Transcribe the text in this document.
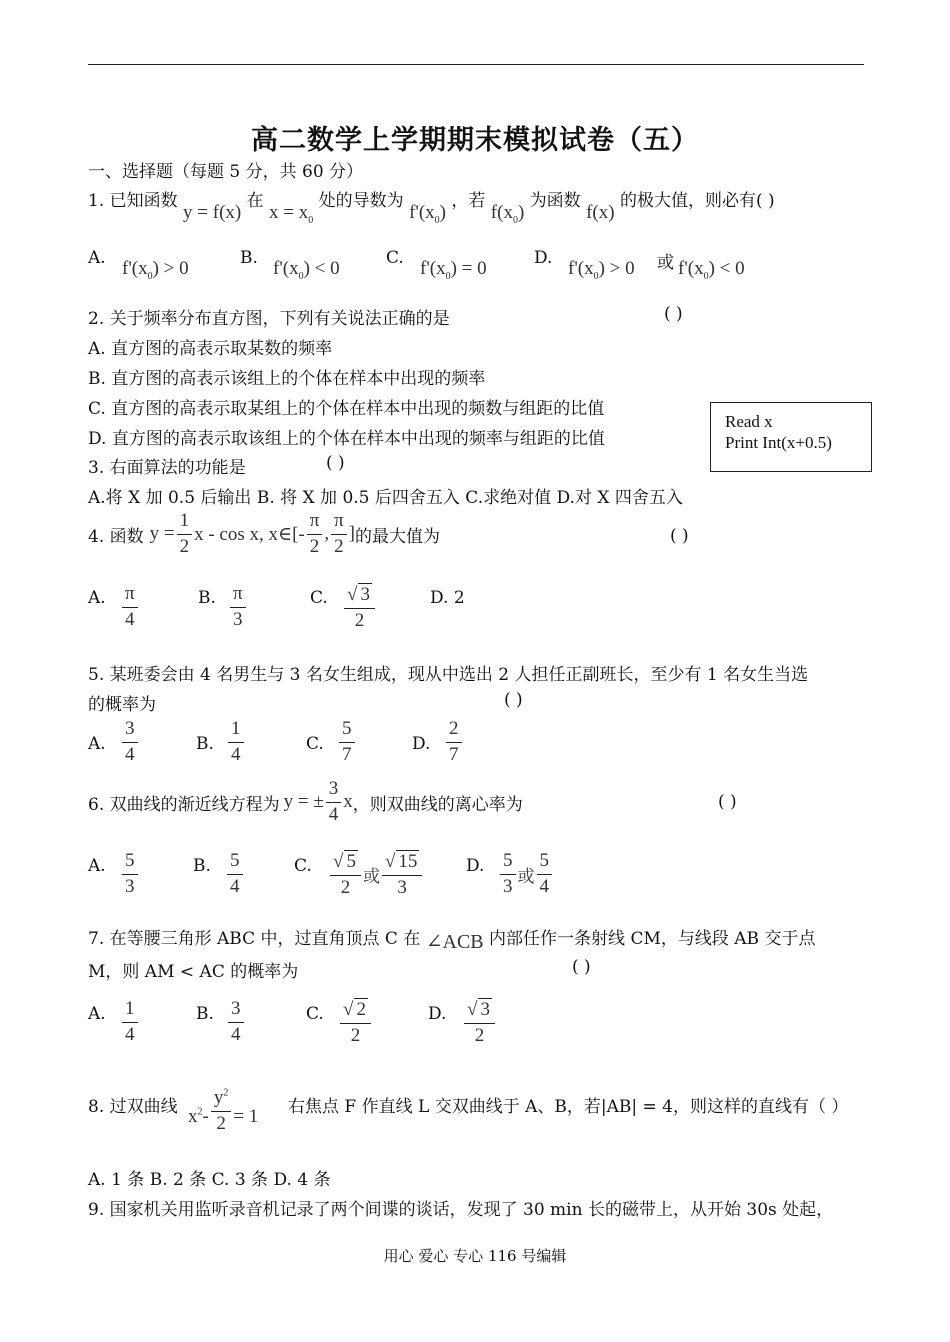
高二数学上学期期末模拟试卷（五）
一、选择题（每题 5 分，共 60 分）
1. 已知函数 y = f(x) 在 $x = x_0$ 处的导数为 $f'(x_0)$ ，若 $f(x_0)$ 为函数 f(x) 的极大值，则必有( )
A. $f'(x_0) > 0$	B. $f'(x_0) < 0$	C. $f'(x_0) = 0$	D. $f'(x_0) > 0$ 或 $f'(x_0) < 0$
2. 关于频率分布直方图，下列有关说法正确的是	( )
A. 直方图的高表示取某数的频率
B. 直方图的高表示该组上的个体在样本中出现的频率
C. 直方图的高表示取某组上的个体在样本中出现的频数与组距的比值
D. 直方图的高表示取该组上的个体在样本中出现的频率与组距的比值
Read x
Print Int(x+0.5)
3. 右面算法的功能是	( )
A.将 X 加 0.5 后输出 B. 将 X 加 0.5 后四舍五入 C.求绝对值 D.对 X 四舍五入
4. 函数 $y = \frac{1}{2}$ x - cos x, x∈[- $\frac{\pi}{2}$ , $\frac{\pi}{2}$ ] 的最大值为	( )
A. $\frac{\pi}{4}$	B. $\frac{\pi}{3}$	C. $\frac{√ 3}{2}$	D. 2
5. 某班委会由 4 名男生与 3 名女生组成，现从中选出 2 人担任正副班长，至少有 1 名女生当选
的概率为	( )
A. $\frac{3}{4}$	B. $\frac{1}{4}$	C. $\frac{5}{7}$	D. $\frac{2}{7}$
6. 双曲线的渐近线方程为 y = ± $\frac{3}{4}$ x ，则双曲线的离心率为	( )
A. $\frac{5}{3}$	B. $\frac{5}{4}$	C. $\frac{√ 5}{2}$ 或 $\frac{√ 15}{3}$	D. $\frac{5}{3}$ 或 $\frac{5}{4}$
7. 在等腰三角形 ABC 中，过直角顶点 C 在 ∠ACB 内部任作一条射线 CM，与线段 AB 交于点
M，则 AM < AC 的概率为	( )
A. $\frac{1}{4}$	B. $\frac{3}{4}$	C. $\frac{√ 2}{2}$	D. $\frac{√ 3}{2}$
8. 过双曲线 $x^2 - \frac{y^2}{2} = 1$ 右焦点 F 作直线 L 交双曲线于 A、B，若|AB| = 4，则这样的直线有（ ）
A. 1 条 B. 2 条 C. 3 条 D. 4 条
9. 国家机关用监听录音机记录了两个间谍的谈话，发现了 30 min 长的磁带上，从开始 30s 处起，
用心 爱心 专心 116 号编辑
